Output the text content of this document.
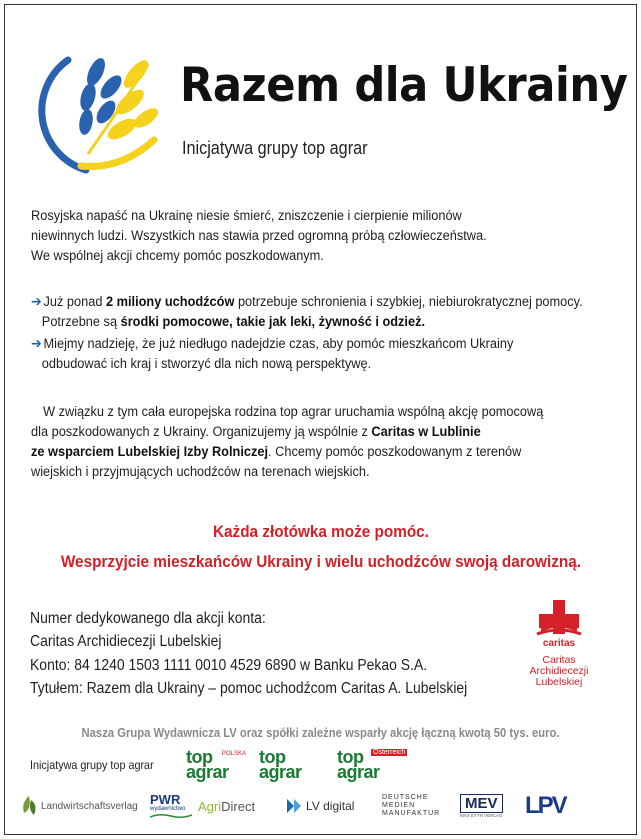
Razem dla Ukrainy
Inicjatywa grupy top agrar
Rosyjska napaść na Ukrainę niesie śmierć, zniszczenie i cierpienie milionów
niewinnych ludzi. Wszystkich nas stawia przed ogromną próbą człowieczeństwa.
We wspólnej akcji chcemy pomóc poszkodowanym.
➔ Już ponad 2 miliony uchodźców potrzebuje schronienia i szybkiej, niebiurokratycznej pomocy.
Potrzebne są środki pomocowe, takie jak leki, żywność i odzież.
➔ Miejmy nadzieję, że już niedługo nadejdzie czas, aby pomóc mieszkańcom Ukrainy
odbudować ich kraj i stworzyć dla nich nową perspektywę.
W związku z tym cała europejska rodzina top agrar uruchamia wspólną akcję pomocową
dla poszkodowanych z Ukrainy. Organizujemy ją wspólnie z Caritas w Lublinie
ze wsparciem Lubelskiej Izby Rolniczej. Chcemy pomóc poszkodowanym z terenów
wiejskich i przyjmujących uchodźców na terenach wiejskich.
Każda złotówka może pomóc.
Wesprzyjcie mieszkańców Ukrainy i wielu uchodźców swoją darowizną.
Numer dedykowanego dla akcji konta:
Caritas Archidiecezji Lubelskiej
Konto: 84 1240 1503 1111 0010 4529 6890 w Banku Pekao S.A.
Tytułem: Razem dla Ukrainy – pomoc uchodźcom Caritas A. Lubelskiej
caritas
Caritas
Archidiecezji
Lubelskiej
Nasza Grupa Wydawnicza LV oraz spółki zależne wsparły akcję łączną kwotą 50 tys. euro.
Inicjatywa grupy top agrar top
agrar
POLSKA top
agrar
top
agrar
Österreich
Landwirtschaftsverlag PWR
wydawnictwo Agri Direct	LV digital
DEUTSCHE
MEDIEN
MANUFAKTUR
MEV
MAX EYTH VERLAG LPV
